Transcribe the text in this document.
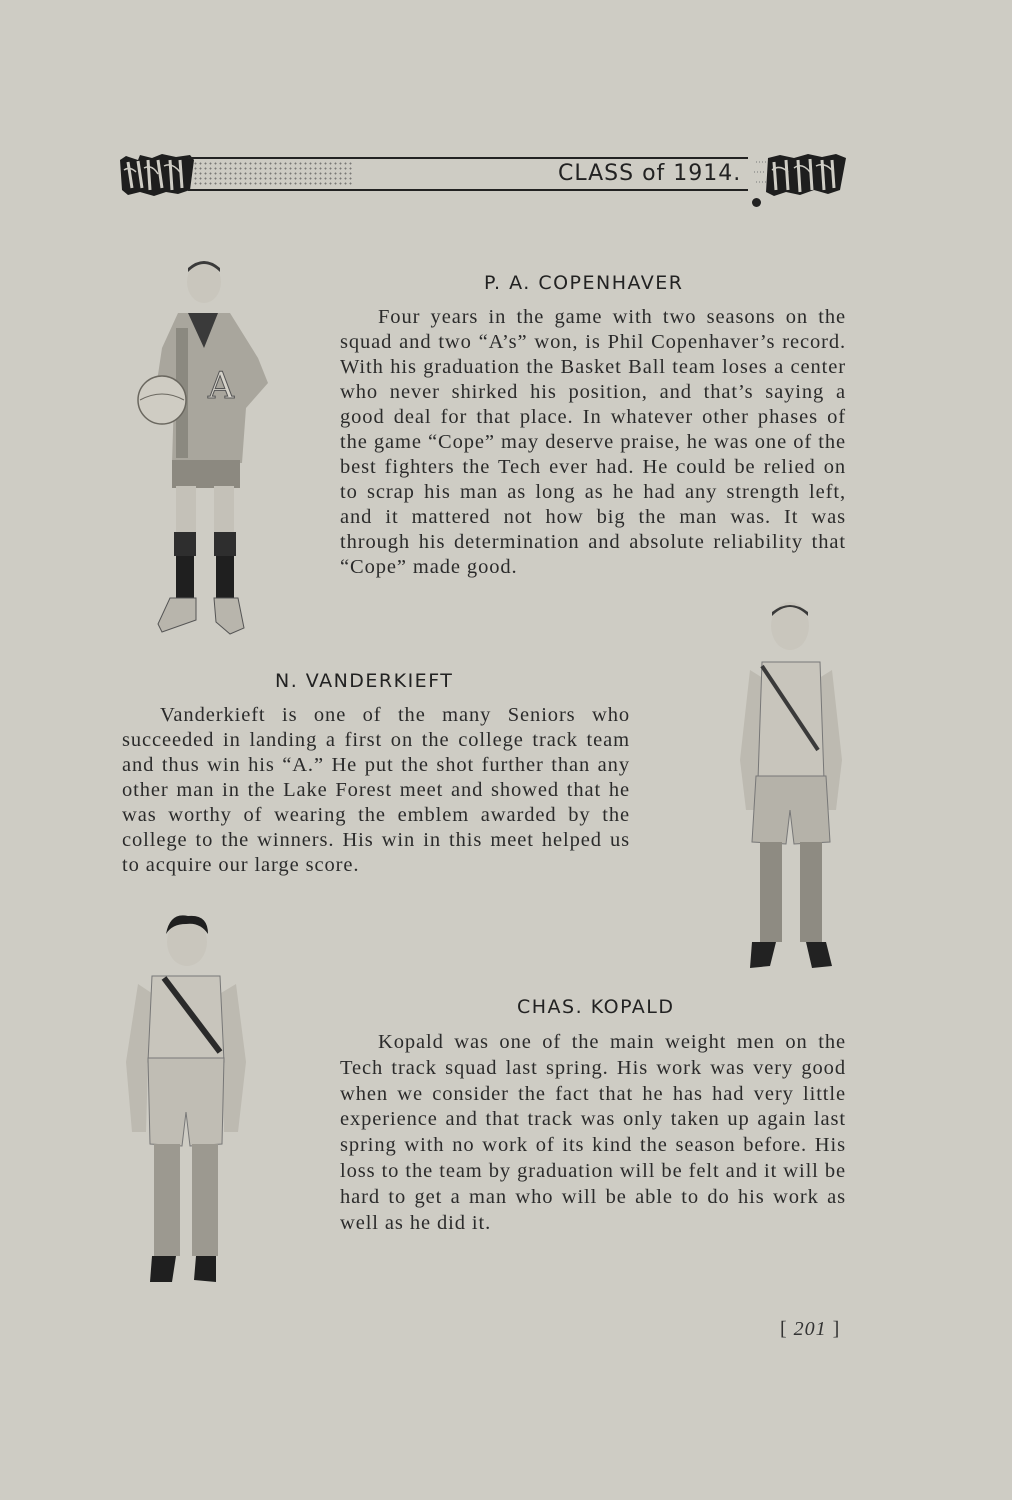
CLASS of 1914.
A
P. A. COPENHAVER

Four years in the game with two seasons on the squad and two “A’s” won, is Phil Copenhaver’s record. With his graduation the Basket Ball team loses a center who never shirked his position, and that’s saying a good deal for that place. In whatever other phases of the game “Cope” may deserve praise, he was one of the best fighters the Tech ever had. He could be relied on to scrap his man as long as he had any strength left, and it mattered not how big the man was. It was through his determination and absolute reliability that “Cope” made good.

N. VANDERKIEFT

Vanderkieft is one of the many Seniors who succeeded in landing a first on the college track team and thus win his “A.” He put the shot further than any other man in the Lake Forest meet and showed that he was worthy of wearing the emblem awarded by the college to the winners. His win in this meet helped us to acquire our large score.

CHAS. KOPALD

Kopald was one of the main weight men on the Tech track squad last spring. His work was very good when we consider the fact that he has had very little experience and that track was only taken up again last spring with no work of its kind the season before. His loss to the team by graduation will be felt and it will be hard to get a man who will be able to do his work as well as he did it.

[ 201 ]
